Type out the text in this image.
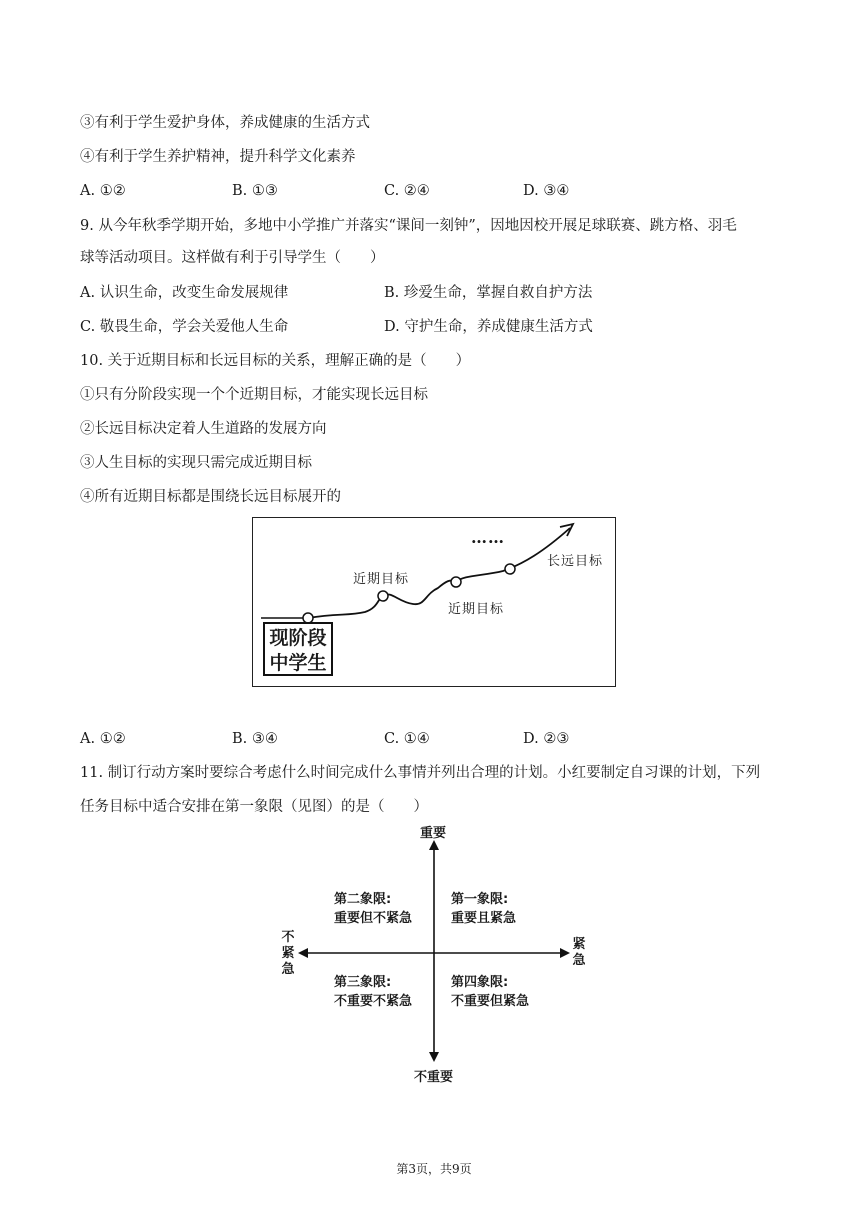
③有利于学生爱护身体，养成健康的生活方式
④有利于学生养护精神，提升科学文化素养
A. ①②	B. ①③	C. ②④	D. ③④
9. 从今年秋季学期开始，多地中小学推广并落实“课间一刻钟”，因地因校开展足球联赛、跳方格、羽毛
球等活动项目。这样做有利于引导学生（　　）
A. 认识生命，改变生命发展规律	B. 珍爱生命，掌握自救自护方法
C. 敬畏生命，学会关爱他人生命	D. 守护生命，养成健康生活方式
10. 关于近期目标和长远目标的关系，理解正确的是（　　）
①只有分阶段实现一个个近期目标，才能实现长远目标
②长远目标决定着人生道路的发展方向
③人生目标的实现只需完成近期目标
④所有近期目标都是围绕长远目标展开的
现阶段
中学生
近期目标
近期目标
长远目标
……
A. ①②	B. ③④	C. ①④	D. ②③
11. 制订行动方案时要综合考虑什么时间完成什么事情并列出合理的计划。小红要制定自习课的计划，下列
任务目标中适合安排在第一象限（见图）的是（　　）
重要
不重要
不紧急
紧急
第二象限:
重要但不紧急
第一象限:
重要且紧急
第三象限:
不重要不紧急
第四象限:
不重要但紧急
第3页，共9页
